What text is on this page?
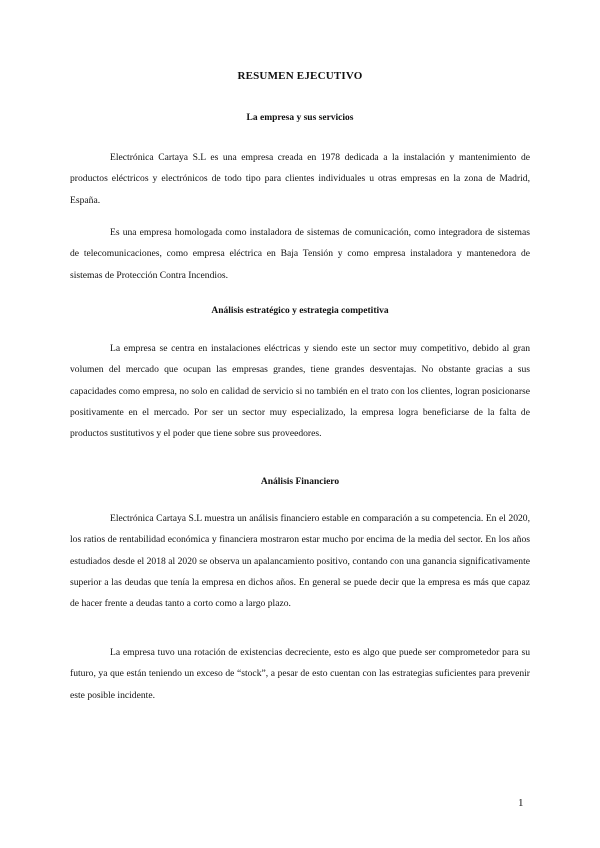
RESUMEN EJECUTIVO
La empresa y sus servicios

Electrónica Cartaya S.L es una empresa creada en 1978 dedicada a la instalación y mantenimiento de productos eléctricos y electrónicos de todo tipo para clientes individuales u otras empresas en la zona de Madrid, España.

Es una empresa homologada como instaladora de sistemas de comunicación, como integradora de sistemas de telecomunicaciones, como empresa eléctrica en Baja Tensión y como empresa instaladora y mantenedora de sistemas de Protección Contra Incendios.

Análisis estratégico y estrategia competitiva

La empresa se centra en instalaciones eléctricas y siendo este un sector muy competitivo, debido al gran volumen del mercado que ocupan las empresas grandes, tiene grandes desventajas. No obstante gracias a sus capacidades como empresa, no solo en calidad de servicio si no también en el trato con los clientes, logran posicionarse positivamente en el mercado. Por ser un sector muy especializado, la empresa logra beneficiarse de la falta de productos sustitutivos y el poder que tiene sobre sus proveedores.

Análisis Financiero

Electrónica Cartaya S.L muestra un análisis financiero estable en comparación a su competencia. En el 2020, los ratios de rentabilidad económica y financiera mostraron estar mucho por encima de la media del sector. En los años estudiados desde el 2018 al 2020 se observa un apalancamiento positivo, contando con una ganancia significativamente superior a las deudas que tenía la empresa en dichos años. En general se puede decir que la empresa es más que capaz de hacer frente a deudas tanto a corto como a largo plazo.

La empresa tuvo una rotación de existencias decreciente, esto es algo que puede ser comprometedor para su futuro, ya que están teniendo un exceso de “stock”, a pesar de esto cuentan con las estrategias suficientes para prevenir este posible incidente.

1
